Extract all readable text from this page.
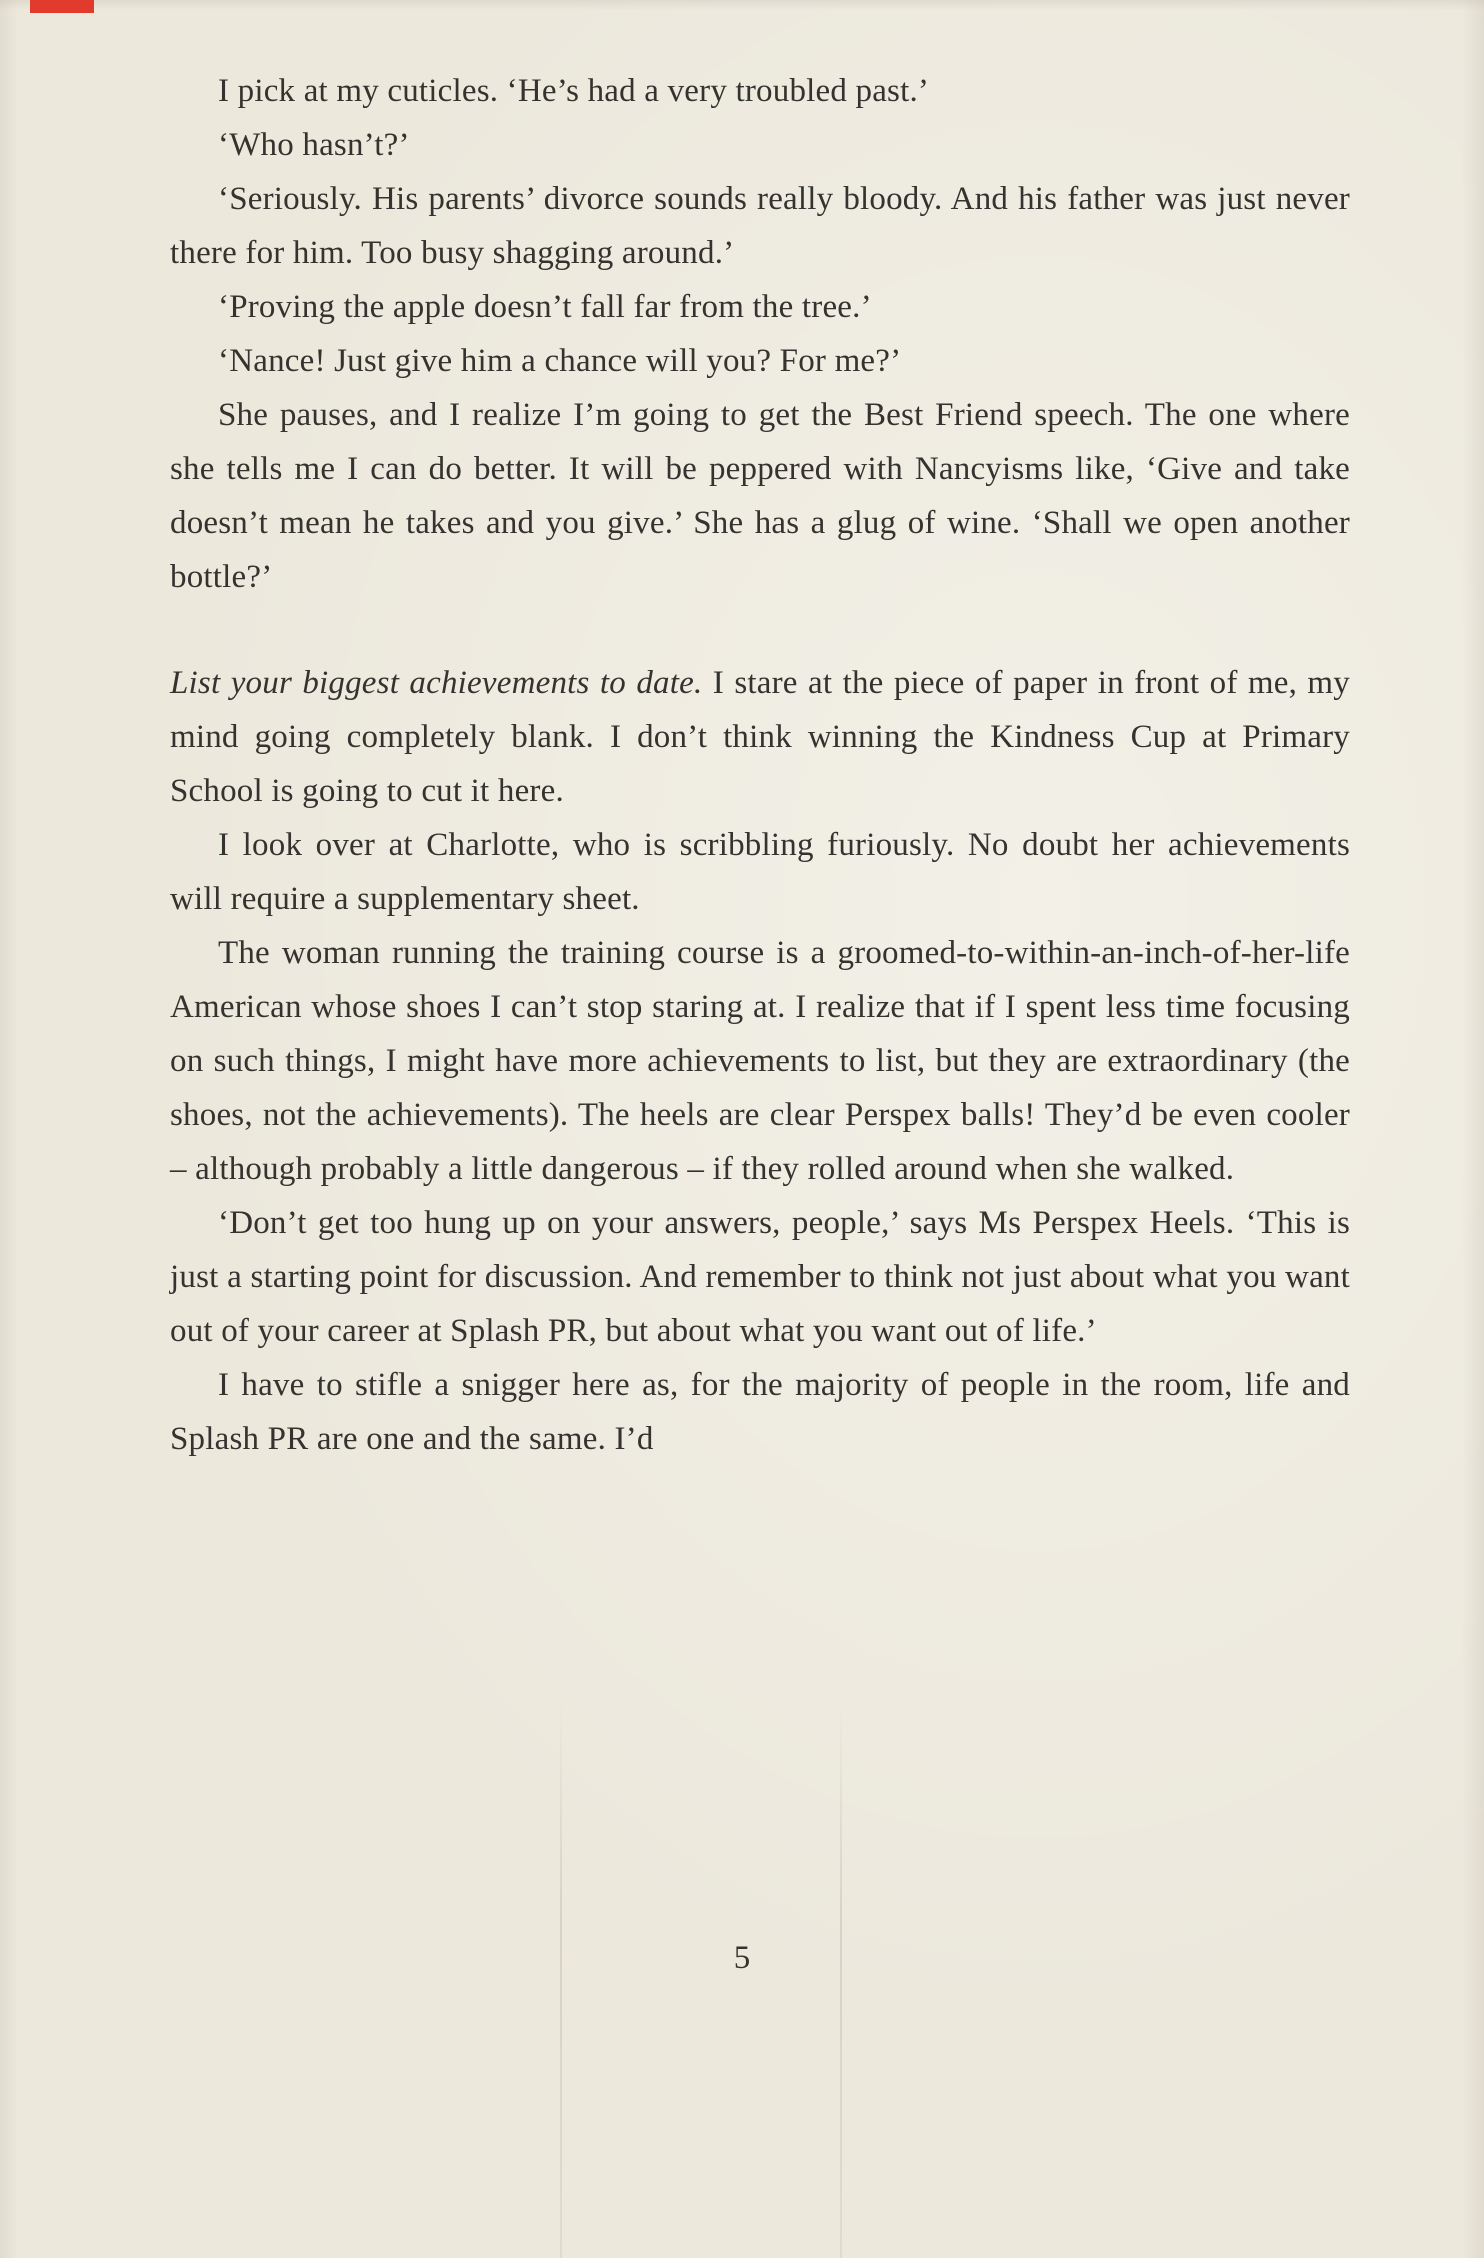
I pick at my cuticles. ‘He’s had a very troubled past.’

‘Who hasn’t?’

‘Seriously. His parents’ divorce sounds really bloody. And his father was just never there for him. Too busy shagging around.’

‘Proving the apple doesn’t fall far from the tree.’

‘Nance! Just give him a chance will you? For me?’

She pauses, and I realize I’m going to get the Best Friend speech. The one where she tells me I can do better. It will be peppered with Nancyisms like, ‘Give and take doesn’t mean he takes and you give.’ She has a glug of wine. ‘Shall we open another bottle?’

List your biggest achievements to date. I stare at the piece of paper in front of me, my mind going completely blank. I don’t think winning the Kindness Cup at Primary School is going to cut it here.

I look over at Charlotte, who is scribbling furiously. No doubt her achievements will require a supplementary sheet.

The woman running the training course is a groomed-to-within-an-inch-of-her-life American whose shoes I can’t stop staring at. I realize that if I spent less time focusing on such things, I might have more achievements to list, but they are extraordinary (the shoes, not the achievements). The heels are clear Perspex balls! They’d be even cooler – although probably a little dangerous – if they rolled around when she walked.

‘Don’t get too hung up on your answers, people,’ says Ms Perspex Heels. ‘This is just a starting point for discussion. And remember to think not just about what you want out of your career at Splash PR, but about what you want out of life.’

I have to stifle a snigger here as, for the majority of people in the room, life and Splash PR are one and the same. I’d

5
